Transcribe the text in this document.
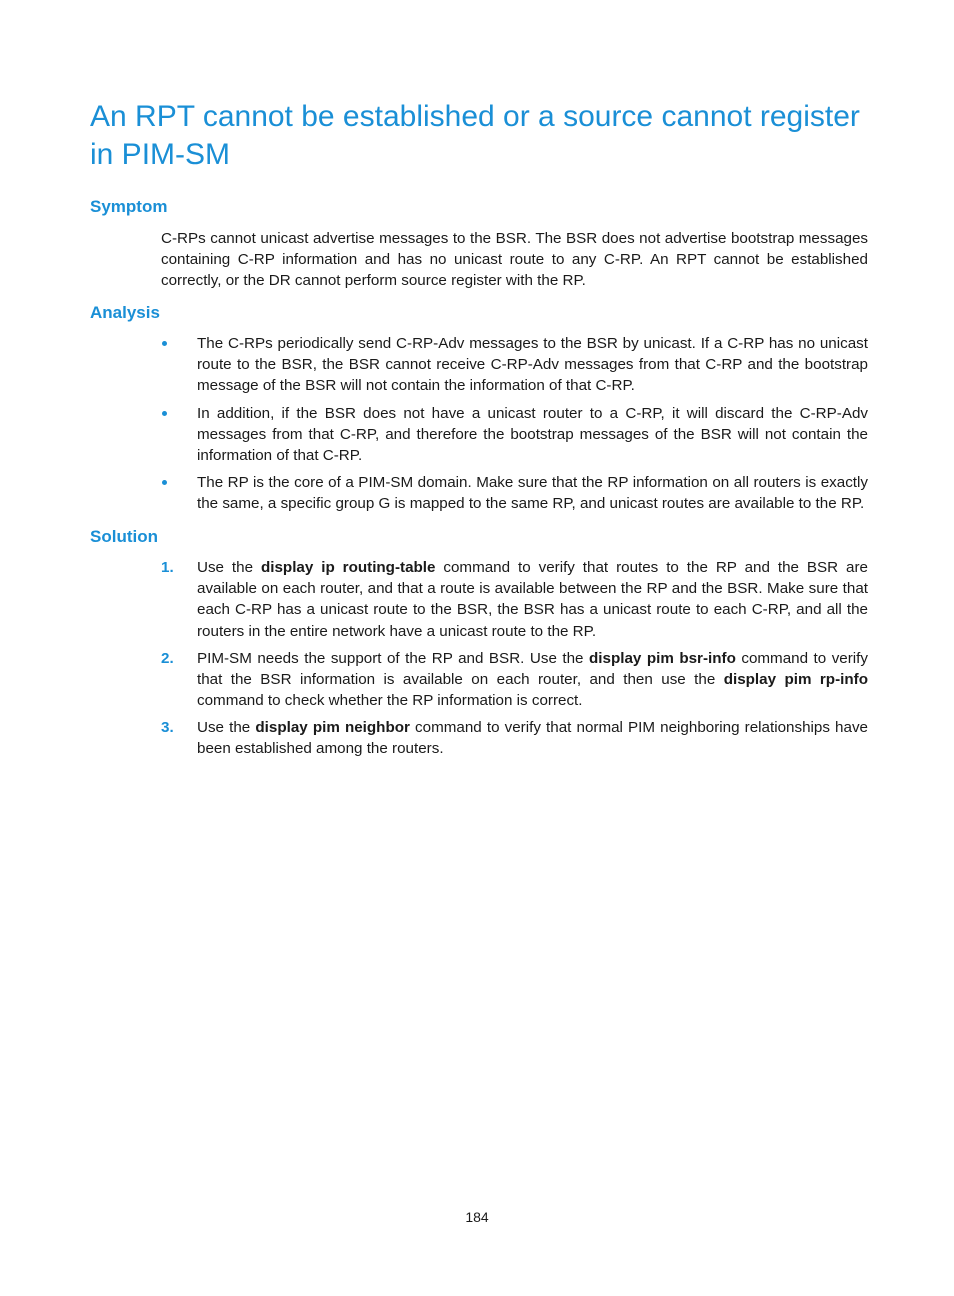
An RPT cannot be established or a source cannot register in PIM-SM
Symptom

C-RPs cannot unicast advertise messages to the BSR. The BSR does not advertise bootstrap messages containing C-RP information and has no unicast route to any C-RP. An RPT cannot be established correctly, or the DR cannot perform source register with the RP.

Analysis
The C-RPs periodically send C-RP-Adv messages to the BSR by unicast. If a C-RP has no unicast route to the BSR, the BSR cannot receive C-RP-Adv messages from that C-RP and the bootstrap message of the BSR will not contain the information of that C-RP.
In addition, if the BSR does not have a unicast router to a C-RP, it will discard the C-RP-Adv messages from that C-RP, and therefore the bootstrap messages of the BSR will not contain the information of that C-RP.
The RP is the core of a PIM-SM domain. Make sure that the RP information on all routers is exactly the same, a specific group G is mapped to the same RP, and unicast routes are available to the RP.
Solution
1. Use the display ip routing-table command to verify that routes to the RP and the BSR are available on each router, and that a route is available between the RP and the BSR. Make sure that each C-RP has a unicast route to the BSR, the BSR has a unicast route to each C-RP, and all the routers in the entire network have a unicast route to the RP.
2. PIM-SM needs the support of the RP and BSR. Use the display pim bsr-info command to verify that the BSR information is available on each router, and then use the display pim rp-info command to check whether the RP information is correct.
3. Use the display pim neighbor command to verify that normal PIM neighboring relationships have been established among the routers.
184
